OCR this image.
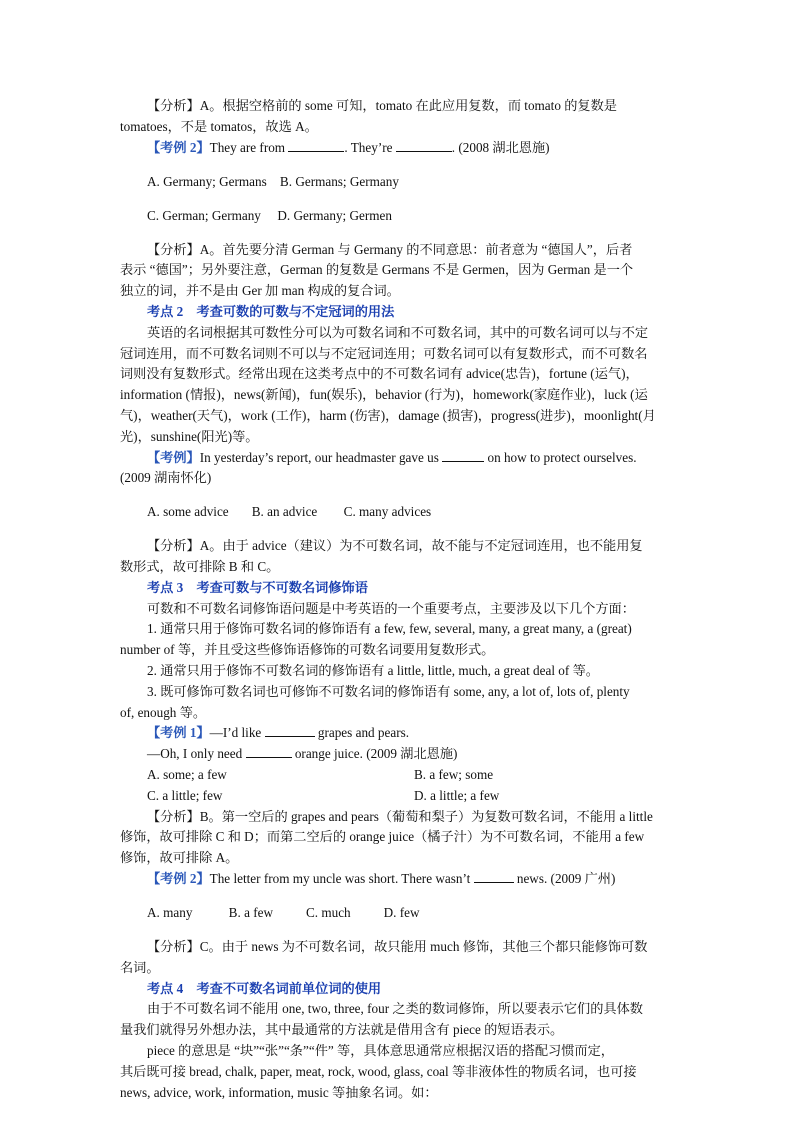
【分析】A。根据空格前的 some 可知，tomato 在此应用复数，而 tomato 的复数是

tomatoes，不是 tomatos，故选 A。

【考例 2】They are from	. They’re	. (2008 湖北恩施)

A. Germany; Germans    B. Germans; Germany

C. German; Germany     D. Germany; Germen

【分析】A。首先要分清 German 与 Germany 的不同意思：前者意为 “德国人”，后者

表示 “德国”；另外要注意，German 的复数是 Germans 不是 Germen，因为 German 是一个

独立的词，并不是由 Ger 加 man 构成的复合词。

考点 2　考查可数的可数与不定冠词的用法

英语的名词根据其可数性分可以为可数名词和不可数名词，其中的可数名词可以与不定

冠词连用，而不可数名词则不可以与不定冠词连用；可数名词可以有复数形式，而不可数名

词则没有复数形式。经常出现在这类考点中的不可数名词有 advice(忠告)，fortune (运气)，

information (情报)，news(新闻)，fun(娱乐)，behavior (行为)，homework(家庭作业)，luck (运

气)，weather(天气)，work (工作)，harm (伤害)，damage (损害)，progress(进步)，moonlight(月

光)，sunshine(阳光)等。

【考例】In yesterday’s report, our headmaster gave us	on how to protect ourselves.

(2009 湖南怀化)

A. some advice       B. an advice        C. many advices

【分析】A。由于 advice（建议）为不可数名词，故不能与不定冠词连用，也不能用复

数形式，故可排除 B 和 C。

考点 3　考查可数与不可数名词修饰语

可数和不可数名词修饰语问题是中考英语的一个重要考点，主要涉及以下几个方面：

1. 通常只用于修饰可数名词的修饰语有 a few, few, several, many, a great many, a (great)

number of 等，并且受这些修饰语修饰的可数名词要用复数形式。

2. 通常只用于修饰不可数名词的修饰语有 a little, little, much, a great deal of 等。

3. 既可修饰可数名词也可修饰不可数名词的修饰语有 some, any, a lot of, lots of, plenty

of, enough 等。

【考例 1】—I’d like	grapes and pears.

—Oh, I only need	orange juice. (2009 湖北恩施)

A. some; a few	B. a few; some
C. a little; few	D. a little; a few

【分析】B。第一空后的 grapes and pears（葡萄和梨子）为复数可数名词，不能用 a little

修饰，故可排除 C 和 D；而第二空后的 orange juice（橘子汁）为不可数名词，不能用 a few

修饰，故可排除 A。

【考例 2】The letter from my uncle was short. There wasn’t	news. (2009 广州)

A. many           B. a few          C. much          D. few

【分析】C。由于 news 为不可数名词，故只能用 much 修饰，其他三个都只能修饰可数

名词。

考点 4　考查不可数名词前单位词的使用

由于不可数名词不能用 one, two, three, four 之类的数词修饰，所以要表示它们的具体数

量我们就得另外想办法，其中最通常的方法就是借用含有 piece 的短语表示。

piece 的意思是 “块”“张”“条”“件” 等，具体意思通常应根据汉语的搭配习惯而定，

其后既可接 bread, chalk, paper, meat, rock, wood, glass, coal 等非液体性的物质名词，也可接

news, advice, work, information, music 等抽象名词。如：
